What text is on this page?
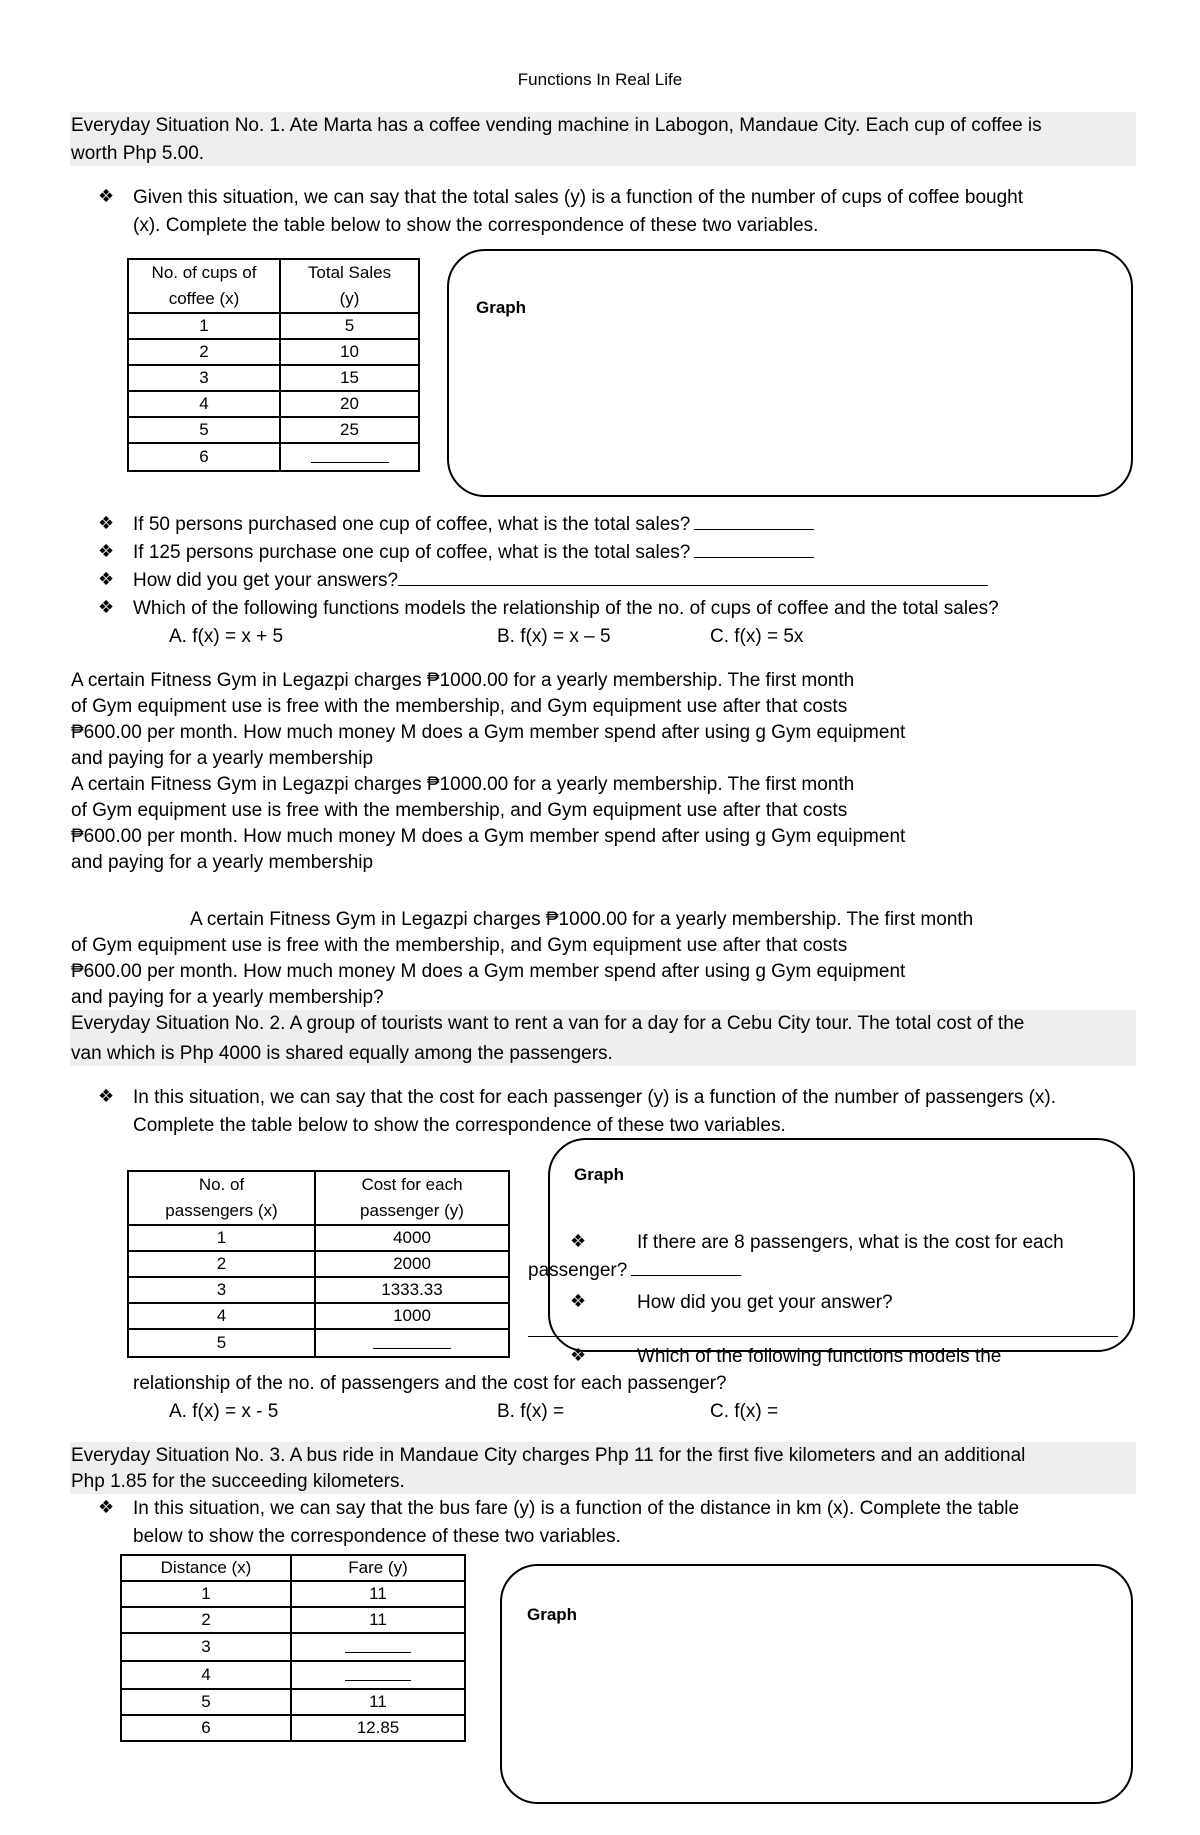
Functions In Real Life
Everyday Situation No. 1. Ate Marta has a coffee vending machine in Labogon, Mandaue City. Each cup of coffee is
worth Php 5.00.
❖ Given this situation, we can say that the total sales (y) is a function of the number of cups of coffee bought
(x). Complete the table below to show the correspondence of these two variables.
No. of cups of
coffee (x)	Total Sales
(y)
1	5
2	10
3	15
4	20
5	25
6	
Graph
❖ If 50 persons purchased one cup of coffee, what is the total sales?
❖ If 125 persons purchase one cup of coffee, what is the total sales?
❖ How did you get your answers?
❖ Which of the following functions models the relationship of the no. of cups of coffee and the total sales?
A. f(x) = x + 5	B. f(x) = x – 5	C. f(x) = 5x
A certain Fitness Gym in Legazpi charges ₱1000.00 for a yearly membership. The first month
of Gym equipment use is free with the membership, and Gym equipment use after that costs
₱600.00 per month. How much money M does a Gym member spend after using g Gym equipment
and paying for a yearly membership
A certain Fitness Gym in Legazpi charges ₱1000.00 for a yearly membership. The first month
of Gym equipment use is free with the membership, and Gym equipment use after that costs
₱600.00 per month. How much money M does a Gym member spend after using g Gym equipment
and paying for a yearly membership
A certain Fitness Gym in Legazpi charges ₱1000.00 for a yearly membership. The first month
of Gym equipment use is free with the membership, and Gym equipment use after that costs
₱600.00 per month. How much money M does a Gym member spend after using g Gym equipment
and paying for a yearly membership?
Everyday Situation No. 2. A group of tourists want to rent a van for a day for a Cebu City tour. The total cost of the
van which is Php 4000 is shared equally among the passengers.
❖ In this situation, we can say that the cost for each passenger (y) is a function of the number of passengers (x).
Complete the table below to show the correspondence of these two variables.
No. of
passengers (x)	Cost for each
passenger (y)
1	4000
2	2000
3	1333.33
4	1000
5	
Graph
❖	If there are 8 passengers, what is the cost for each
passenger?
❖	How did you get your answer?
❖	Which of the following functions models the
relationship of the no. of passengers and the cost for each passenger?
A. f(x) = x - 5	B. f(x) =	C. f(x) =
Everyday Situation No. 3. A bus ride in Mandaue City charges Php 11 for the first five kilometers and an additional
Php 1.85 for the succeeding kilometers.
❖ In this situation, we can say that the bus fare (y) is a function of the distance in km (x). Complete the table
below to show the correspondence of these two variables.
Distance (x)	Fare (y)
1	11
2	11
3	
4	
5	11
6	12.85
Graph
